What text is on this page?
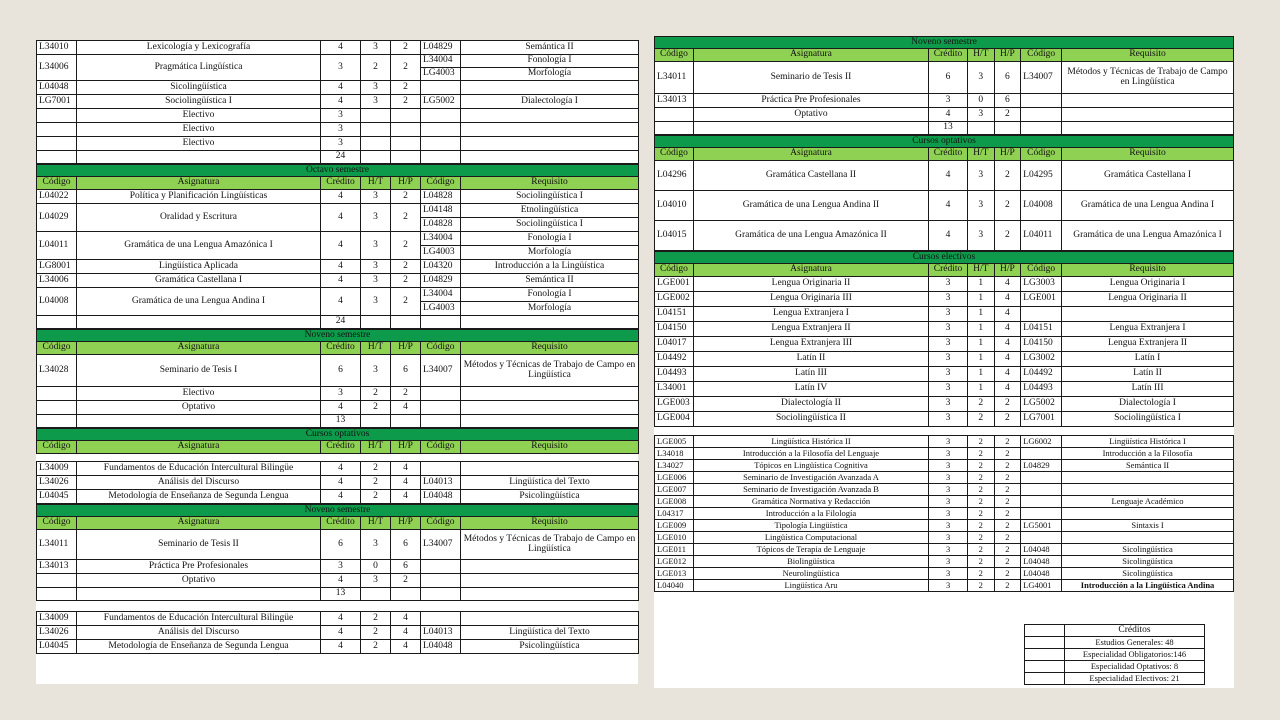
L34010	Lexicología y Lexicografía	4	3	2	L04829	Semántica II
L34006	Pragmática Lingüística	3	2	2	L34004	Fonología I
					LG4003	Morfología
L04048	Sicolingüística	4	3	2		
LG7001	Sociolingüística I	4	3	2	LG5002	Dialectología I
	Electivo	3				
	Electivo	3				
	Electivo	3				
		24				
Octavo semestre						
Código	Asignatura	Crédito	H/T	H/P	Código	Requisito
L04022	Política y Planificación Lingüísticas	4	3	2	L04828	Sociolingüística I
L04029	Oralidad y Escritura	4	3	2	L04148	Etnolingüística
					L04828	Sociolingüística I
L04011	Gramática de una Lengua Amazónica I	4	3	2	L34004	Fonología I
					LG4003	Morfología
LG8001	Lingüística Aplicada	4	3	2	L04320	Introducción a la Lingüística
L34006	Gramática Castellana I	4	3	2	L04829	Semántica II
L04008	Gramática de una Lengua Andina I	4	3	2	L34004	Fonología I
					LG4003	Morfología
		24				
Noveno semestre						
Código	Asignatura	Crédito	H/T	H/P	Código	Requisito
L34028	Seminario de Tesis I	6	3	6	L34007	Métodos y Técnicas de Trabajo de Campo en Lingüística
	Electivo	3	2	2		
	Optativo	4	2	4		
		13				
Cursos optativos						
Código	Asignatura	Crédito	H/T	H/P	Código	Requisito

L34009	Fundamentos de Educación Intercultural Bilingüe	4	2	4		
L34026	Análisis del Discurso	4	2	4	L04013	Lingüística del Texto
L04045	Metodología de Enseñanza de Segunda Lengua	4	2	4	L04048	Psicolingüística
Noveno semestre						
Código	Asignatura	Crédito	H/T	H/P	Código	Requisito
L34011	Seminario de Tesis II	6	3	6	L34007	Métodos y Técnicas de Trabajo de Campo en Lingüística
L34013	Práctica Pre Profesionales	3	0	6		
	Optativo	4	3	2		
		13				
L34009	Fundamentos de Educación Intercultural Bilingüe	4	2	4		
L34026	Análisis del Discurso	4	2	4	L04013	Lingüística del Texto
L04045	Metodología de Enseñanza de Segunda Lengua	4	2	4	L04048	Psicolingüística
Noveno semestre						
Código	Asignatura	Crédito	H/T	H/P	Código	Requisito
L34011	Seminario de Tesis II	6	3	6	L34007	Métodos y Técnicas de Trabajo de Campo en Lingüística
L34013	Práctica Pre Profesionales	3	0	6		
	Optativo	4	3	2		
		13				
Cursos optativos						
Código	Asignatura	Crédito	H/T	H/P	Código	Requisito
L04296	Gramática Castellana II	4	3	2	L04295	Gramática Castellana I
L04010	Gramática de una Lengua Andina II	4	3	2	L04008	Gramática de una Lengua Andina I
L04015	Gramática de una Lengua Amazónica II	4	3	2	L04011	Gramática de una Lengua Amazónica I
Cursos electivos						
Código	Asignatura	Crédito	H/T	H/P	Código	Requisito
LGE001	Lengua Originaria II	3	1	4	LG3003	Lengua Originaria I
LGE002	Lengua Originaria III	3	1	4	LGE001	Lengua Originaria II
L04151	Lengua Extranjera I	3	1	4		
L04150	Lengua Extranjera II	3	1	4	L04151	Lengua Extranjera I
L04017	Lengua Extranjera III	3	1	4	L04150	Lengua Extranjera II
L04492	Latín II	3	1	4	LG3002	Latín I
L04493	Latín III	3	1	4	L04492	Latín II
L34001	Latín IV	3	1	4	L04493	Latín III
LGE003	Dialectología II	3	2	2	LG5002	Dialectología I
LGE004	Sociolingüística II	3	2	2	LG7001	Sociolingüística I
LGE005	Lingüística Histórica II	3	2	2	LG6002	Lingüística Histórica I
L34018	Introducción a la Filosofía del Lenguaje	3	2	2		Introducción a la Filosofía
L34027	Tópicos en Lingüística Cognitiva	3	2	2	L04829	Semántica II
LGE006	Seminario de Investigación Avanzada A	3	2	2		
LGE007	Seminario de Investigación Avanzada B	3	2	2		
LGE008	Gramática Normativa y Redacción	3	2	2		Lenguaje Académico
L04317	Introducción a la Filología	3	2	2		
LGE009	Tipología Lingüística	3	2	2	LG5001	Sintaxis I
LGE010	Lingüística Computacional	3	2	2		
LGE011	Tópicos de Terapia de Lenguaje	3	2	2	L04048	Sicolingüística
LGE012	Biolingüística	3	2	2	L04048	Sicolingüística
LGE013	Neurolingüística	3	2	2	L04048	Sicolingüística
L04040	Lingüística Aru	3	2	2	LG4001	Introducción a la Lingüística Andina
	Créditos
	Estudios Generales: 48
	Especialidad Obligatorios:146
	Especialidad Optativos: 8
	Especialidad Electivos: 21
